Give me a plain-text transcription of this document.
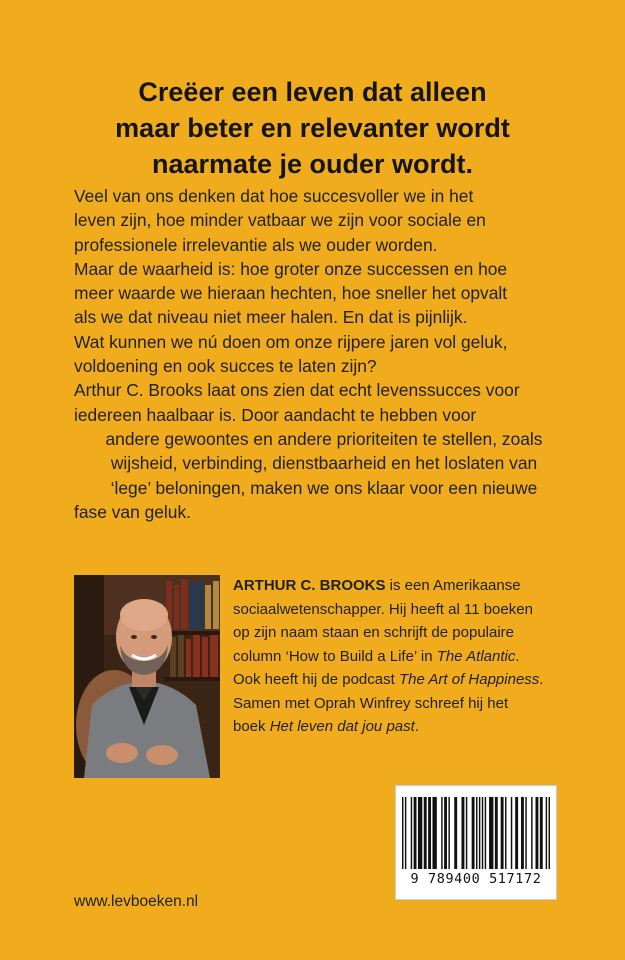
Creëer een leven dat alleen
maar beter en relevanter wordt
naarmate je ouder wordt.
Veel van ons denken dat hoe succesvoller we in het
leven zijn, hoe minder vatbaar we zijn voor sociale en
professionele irrelevantie als we ouder worden.
Maar de waarheid is: hoe groter onze successen en hoe
meer waarde we hieraan hechten, hoe sneller het opvalt
als we dat niveau niet meer halen. En dat is pijnlijk.
Wat kunnen we nú doen om onze rijpere jaren vol geluk,
voldoening en ook succes te laten zijn?
Arthur C. Brooks laat ons zien dat echt levenssucces voor
iedereen haalbaar is. Door aandacht te hebben voor
andere gewoontes en andere prioriteiten te stellen, zoals
wijsheid, verbinding, dienstbaarheid en het loslaten van
‘lege’ beloningen, maken we ons klaar voor een nieuwe
fase van geluk.
ARTHUR C. BROOKS is een Amerikaanse
sociaalwetenschapper. Hij heeft al 11 boeken
op zijn naam staan en schrijft de populaire
column ‘How to Build a Life’ in The Atlantic.
Ook heeft hij de podcast The Art of Happiness.
Samen met Oprah Winfrey schreef hij het
boek Het leven dat jou past.
9 789400 517172
www.levboeken.nl
